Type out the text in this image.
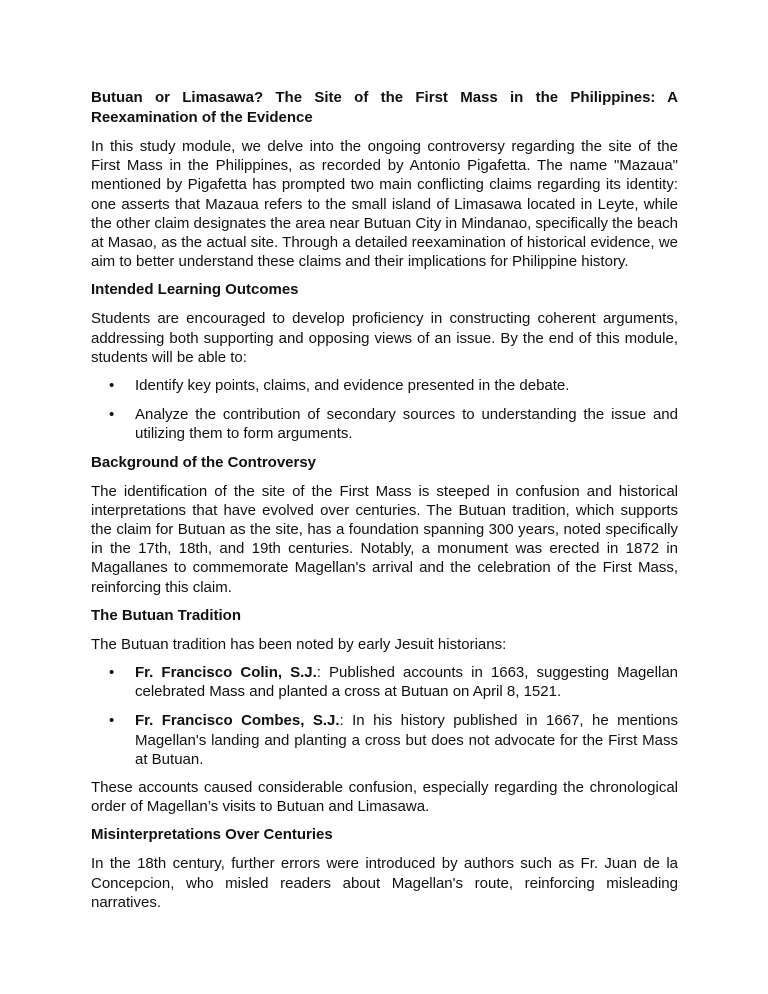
Butuan or Limasawa? The Site of the First Mass in the Philippines: A Reexamination of the Evidence

In this study module, we delve into the ongoing controversy regarding the site of the First Mass in the Philippines, as recorded by Antonio Pigafetta. The name "Mazaua" mentioned by Pigafetta has prompted two main conflicting claims regarding its identity: one asserts that Mazaua refers to the small island of Limasawa located in Leyte, while the other claim designates the area near Butuan City in Mindanao, specifically the beach at Masao, as the actual site. Through a detailed reexamination of historical evidence, we aim to better understand these claims and their implications for Philippine history.

Intended Learning Outcomes

Students are encouraged to develop proficiency in constructing coherent arguments, addressing both supporting and opposing views of an issue. By the end of this module, students will be able to:

• Identify key points, claims, and evidence presented in the debate.
• Analyze the contribution of secondary sources to understanding the issue and utilizing them to form arguments.
Background of the Controversy

The identification of the site of the First Mass is steeped in confusion and historical interpretations that have evolved over centuries. The Butuan tradition, which supports the claim for Butuan as the site, has a foundation spanning 300 years, noted specifically in the 17th, 18th, and 19th centuries. Notably, a monument was erected in 1872 in Magallanes to commemorate Magellan's arrival and the celebration of the First Mass, reinforcing this claim.

The Butuan Tradition

The Butuan tradition has been noted by early Jesuit historians:

• Fr. Francisco Colin, S.J.: Published accounts in 1663, suggesting Magellan celebrated Mass and planted a cross at Butuan on April 8, 1521.
• Fr. Francisco Combes, S.J.: In his history published in 1667, he mentions Magellan's landing and planting a cross but does not advocate for the First Mass at Butuan.

These accounts caused considerable confusion, especially regarding the chronological order of Magellan’s visits to Butuan and Limasawa.

Misinterpretations Over Centuries

In the 18th century, further errors were introduced by authors such as Fr. Juan de la Concepcion, who misled readers about Magellan's route, reinforcing misleading narratives.
